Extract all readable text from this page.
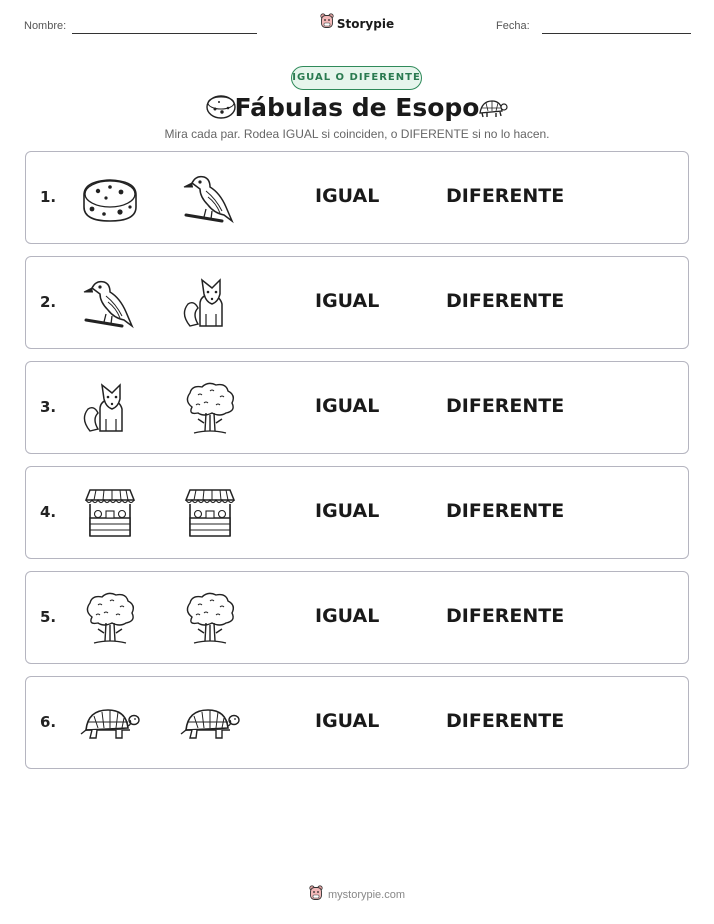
Nombre:	Storypie	Fecha:
IGUAL O DIFERENTE
Fábulas de Esopo
Mira cada par. Rodea IGUAL si coinciden, o DIFERENTE si no lo hacen.
1.	IGUAL	DIFERENTE
2.	IGUAL	DIFERENTE
3.	IGUAL	DIFERENTE
4.	IGUAL	DIFERENTE
5.	IGUAL	DIFERENTE
6.	IGUAL	DIFERENTE
mystorypie.com
